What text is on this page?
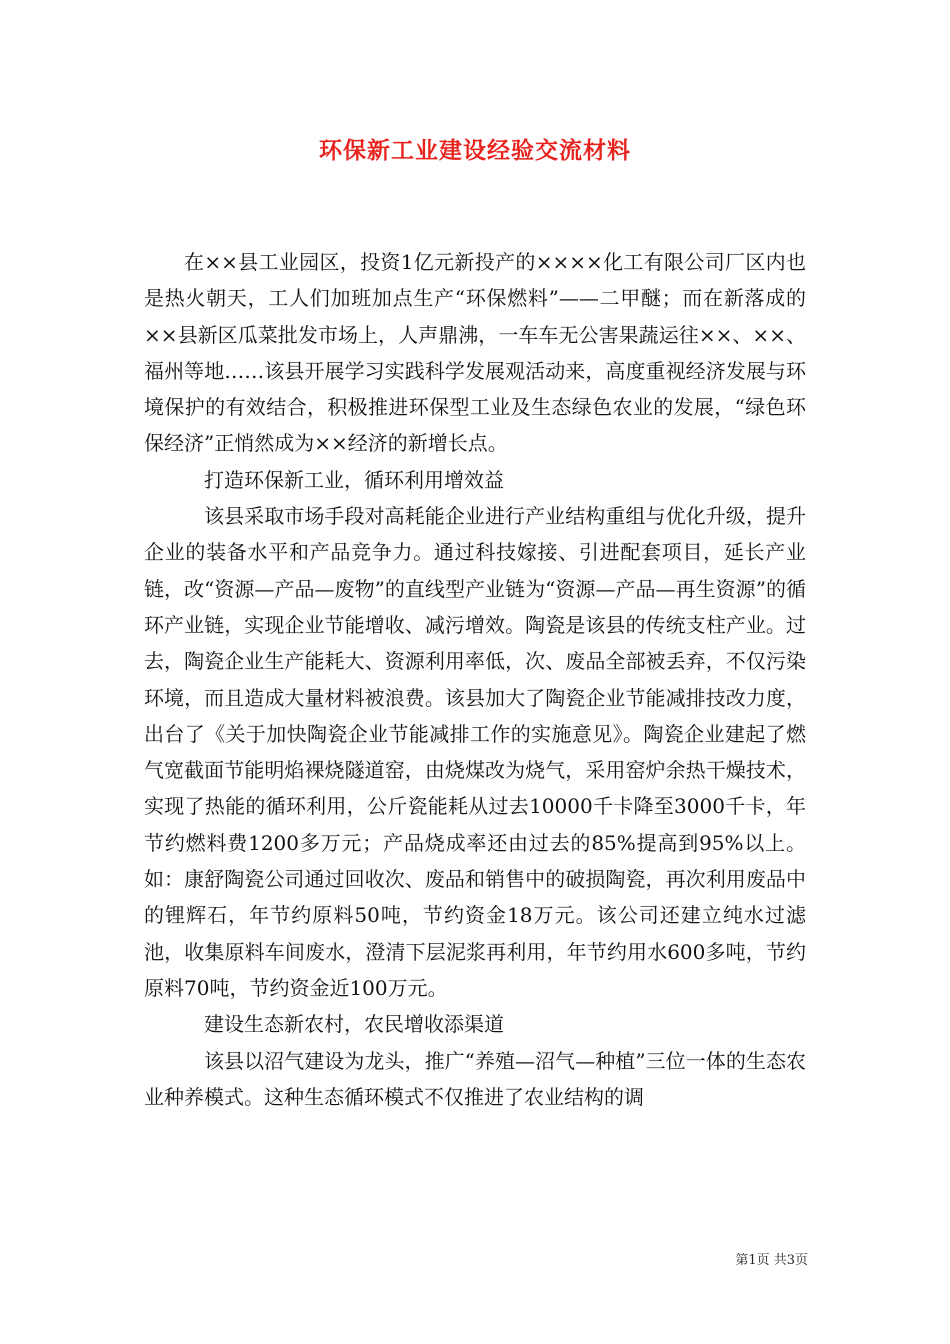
环保新工业建设经验交流材料

在××县工业园区，投资1亿元新投产的××××化工有限公司厂区内也是热火朝天，工人们加班加点生产“环保燃料”——二甲醚；而在新落成的××县新区瓜菜批发市场上，人声鼎沸，一车车无公害果蔬运往××、××、福州等地……该县开展学习实践科学发展观活动来，高度重视经济发展与环境保护的有效结合，积极推进环保型工业及生态绿色农业的发展，“绿色环保经济”正悄然成为××经济的新增长点。

打造环保新工业，循环利用增效益

该县采取市场手段对高耗能企业进行产业结构重组与优化升级，提升企业的装备水平和产品竞争力。通过科技嫁接、引进配套项目，延长产业链，改“资源—产品—废物”的直线型产业链为“资源—产品—再生资源”的循环产业链，实现企业节能增收、减污增效。陶瓷是该县的传统支柱产业。过去，陶瓷企业生产能耗大、资源利用率低，次、废品全部被丢弃，不仅污染环境，而且造成大量材料被浪费。该县加大了陶瓷企业节能减排技改力度，出台了《关于加快陶瓷企业节能减排工作的实施意见》。陶瓷企业建起了燃气宽截面节能明焰裸烧隧道窑，由烧煤改为烧气，采用窑炉余热干燥技术，实现了热能的循环利用，公斤瓷能耗从过去10000千卡降至3000千卡，年节约燃料费1200多万元；产品烧成率还由过去的85%提高到95%以上。如：康舒陶瓷公司通过回收次、废品和销售中的破损陶瓷，再次利用废品中的锂辉石，年节约原料50吨，节约资金18万元。该公司还建立纯水过滤池，收集原料车间废水，澄清下层泥浆再利用，年节约用水600多吨，节约原料70吨，节约资金近100万元。

建设生态新农村，农民增收添渠道

该县以沼气建设为龙头，推广“养殖—沼气—种植”三位一体的生态农业种养模式。这种生态循环模式不仅推进了农业结构的调

第1页 共3页
